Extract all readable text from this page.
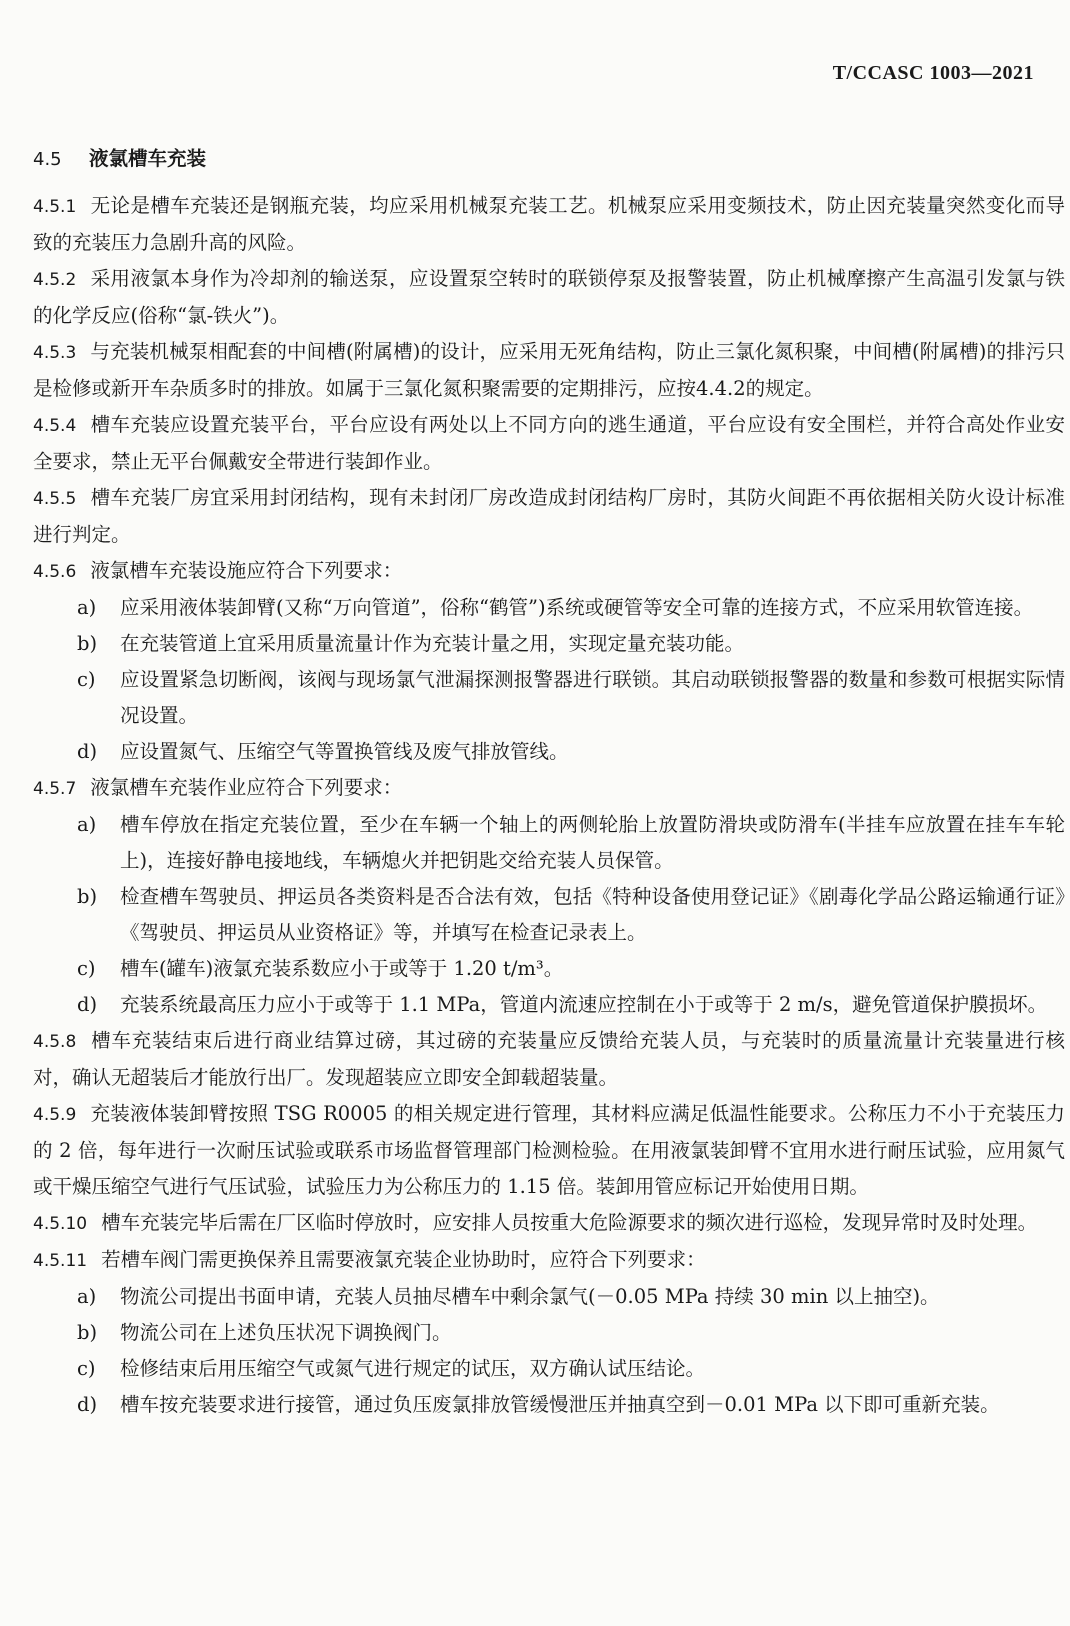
T/CCASC 1003—2021
4.5 液氯槽车充装

4.5.1 无论是槽车充装还是钢瓶充装，均应采用机械泵充装工艺。机械泵应采用变频技术，防止因充装量突然变化而导致的充装压力急剧升高的风险。

4.5.2 采用液氯本身作为冷却剂的输送泵，应设置泵空转时的联锁停泵及报警装置，防止机械摩擦产生高温引发氯与铁的化学反应(俗称“氯-铁火”)。

4.5.3 与充装机械泵相配套的中间槽(附属槽)的设计，应采用无死角结构，防止三氯化氮积聚，中间槽(附属槽)的排污只是检修或新开车杂质多时的排放。如属于三氯化氮积聚需要的定期排污，应按4.4.2的规定。

4.5.4 槽车充装应设置充装平台，平台应设有两处以上不同方向的逃生通道，平台应设有安全围栏，并符合高处作业安全要求，禁止无平台佩戴安全带进行装卸作业。

4.5.5 槽车充装厂房宜采用封闭结构，现有未封闭厂房改造成封闭结构厂房时，其防火间距不再依据相关防火设计标准进行判定。

4.5.6 液氯槽车充装设施应符合下列要求：

a) 应采用液体装卸臂(又称“万向管道”，俗称“鹤管”)系统或硬管等安全可靠的连接方式，不应采用软管连接。
b) 在充装管道上宜采用质量流量计作为充装计量之用，实现定量充装功能。
c) 应设置紧急切断阀，该阀与现场氯气泄漏探测报警器进行联锁。其启动联锁报警器的数量和参数可根据实际情况设置。
d) 应设置氮气、压缩空气等置换管线及废气排放管线。

4.5.7 液氯槽车充装作业应符合下列要求：

a) 槽车停放在指定充装位置，至少在车辆一个轴上的两侧轮胎上放置防滑块或防滑车(半挂车应放置在挂车车轮上)，连接好静电接地线，车辆熄火并把钥匙交给充装人员保管。
b) 检查槽车驾驶员、押运员各类资料是否合法有效，包括《特种设备使用登记证》《剧毒化学品公路运输通行证》《驾驶员、押运员从业资格证》等，并填写在检查记录表上。
c) 槽车(罐车)液氯充装系数应小于或等于 1.20 t/m³。
d) 充装系统最高压力应小于或等于 1.1 MPa，管道内流速应控制在小于或等于 2 m/s，避免管道保护膜损坏。

4.5.8 槽车充装结束后进行商业结算过磅，其过磅的充装量应反馈给充装人员，与充装时的质量流量计充装量进行核对，确认无超装后才能放行出厂。发现超装应立即安全卸载超装量。

4.5.9 充装液体装卸臂按照 TSG R0005 的相关规定进行管理，其材料应满足低温性能要求。公称压力不小于充装压力的 2 倍，每年进行一次耐压试验或联系市场监督管理部门检测检验。在用液氯装卸臂不宜用水进行耐压试验，应用氮气或干燥压缩空气进行气压试验，试验压力为公称压力的 1.15 倍。装卸用管应标记开始使用日期。

4.5.10 槽车充装完毕后需在厂区临时停放时，应安排人员按重大危险源要求的频次进行巡检，发现异常时及时处理。

4.5.11 若槽车阀门需更换保养且需要液氯充装企业协助时，应符合下列要求：

a) 物流公司提出书面申请，充装人员抽尽槽车中剩余氯气(－0.05 MPa 持续 30 min 以上抽空)。
b) 物流公司在上述负压状况下调换阀门。
c) 检修结束后用压缩空气或氮气进行规定的试压，双方确认试压结论。
d) 槽车按充装要求进行接管，通过负压废氯排放管缓慢泄压并抽真空到－0.01 MPa 以下即可重新充装。
